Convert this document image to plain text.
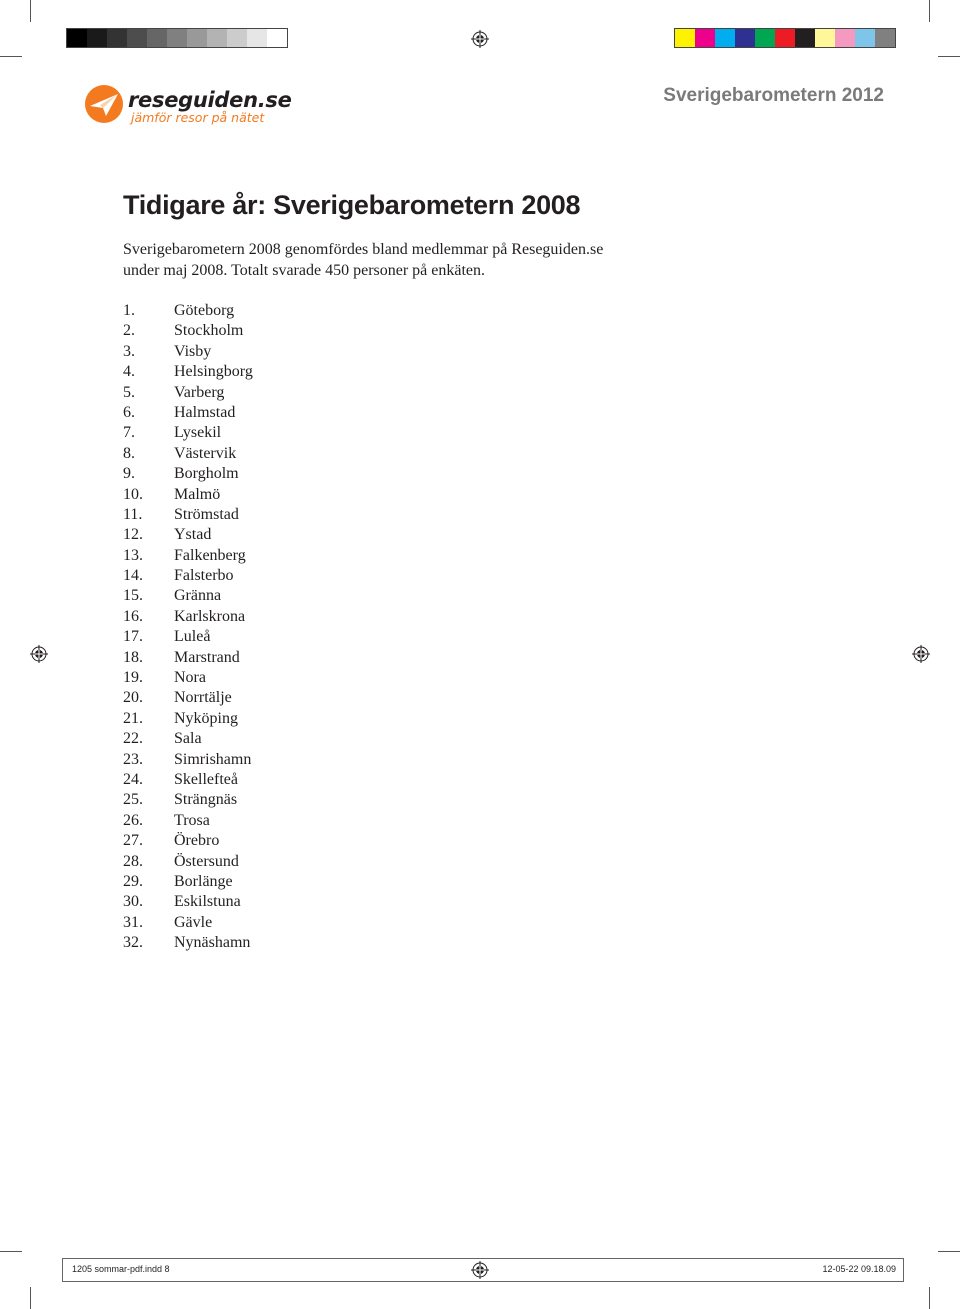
reseguiden.se
jämför resor på nätet
Sverigebarometern 2012
Tidigare år: Sverigebarometern 2008

Sverigebarometern 2008 genomfördes bland medlemmar på Reseguiden.se
under maj 2008. Totalt svarade 450 personer på enkäten.

1.	Göteborg
2.	Stockholm
3.	Visby
4.	Helsingborg
5.	Varberg
6.	Halmstad
7.	Lysekil
8.	Västervik
9.	Borgholm
10.	Malmö
11.	Strömstad
12.	Ystad
13.	Falkenberg
14.	Falsterbo
15.	Gränna
16.	Karlskrona
17.	Luleå
18.	Marstrand
19.	Nora
20.	Norrtälje
21.	Nyköping
22.	Sala
23.	Simrishamn
24.	Skellefteå
25.	Strängnäs
26.	Trosa
27.	Örebro
28.	Östersund
29.	Borlänge
30.	Eskilstuna
31.	Gävle
32.	Nynäshamn
1205 sommar-pdf.indd 8	12-05-22 09.18.09
